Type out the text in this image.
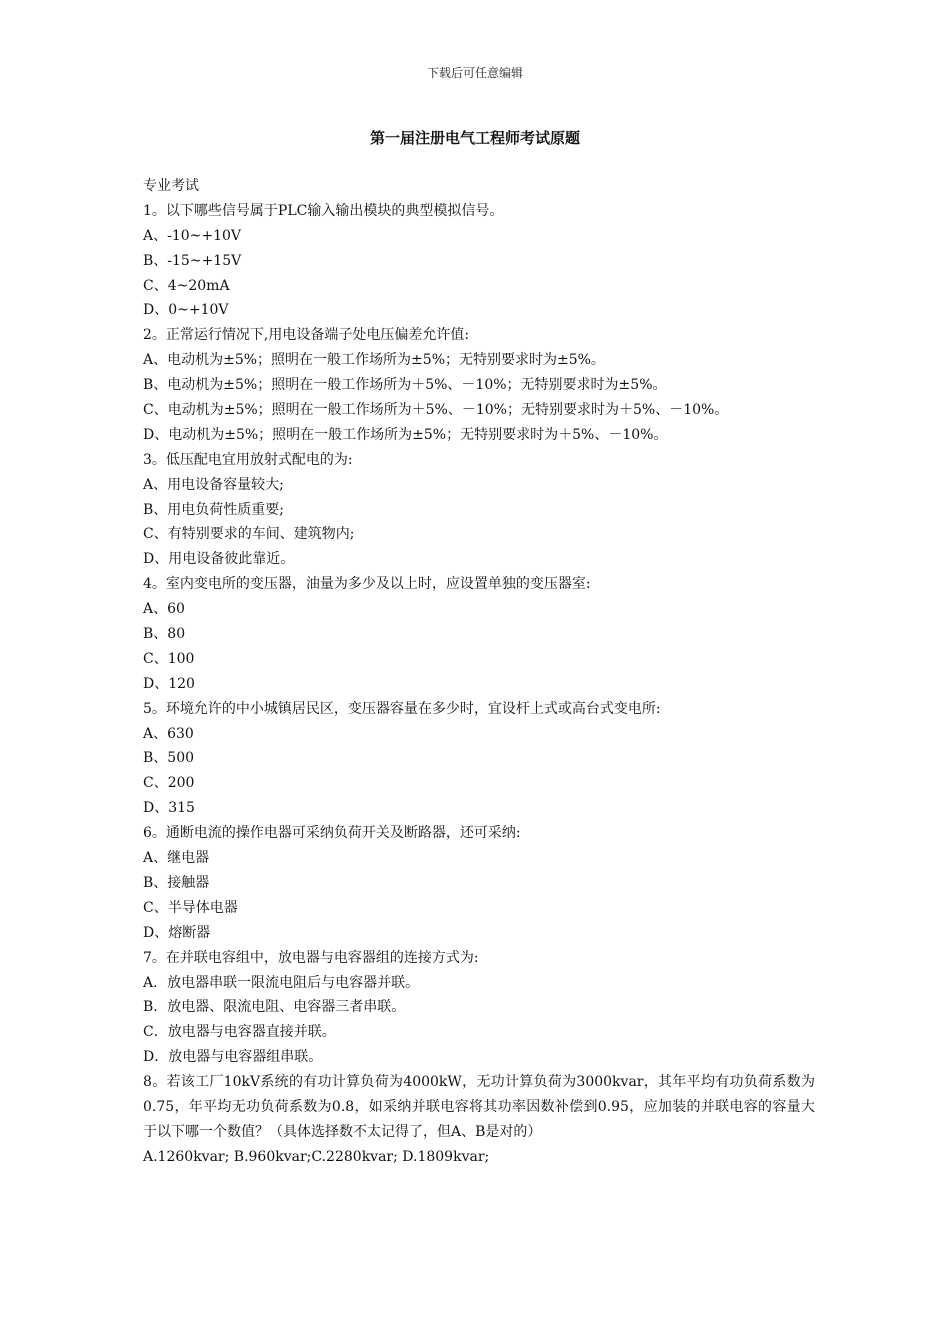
下载后可任意编辑
第一届注册电气工程师考试原题
专业考试
1。以下哪些信号属于PLC输入输出模块的典型模拟信号。
A、-10~+10V
B、-15~+15V
C、4~20mA
D、0~+10V
2。正常运行情况下,用电设备端子处电压偏差允许值:
A、电动机为±5%；照明在一般工作场所为±5%；无特别要求时为±5%。
B、电动机为±5%；照明在一般工作场所为＋5%、－10%；无特别要求时为±5%。
C、电动机为±5%；照明在一般工作场所为＋5%、－10%；无特别要求时为＋5%、－10%。
D、电动机为±5%；照明在一般工作场所为±5%；无特别要求时为＋5%、－10%。
3。低压配电宜用放射式配电的为:
A、用电设备容量较大;
B、用电负荷性质重要;
C、有特别要求的车间、建筑物内;
D、用电设备彼此靠近。
4。室内变电所的变压器，油量为多少及以上时，应设置单独的变压器室:
A、60
B、80
C、100
D、120
5。环境允许的中小城镇居民区，变压器容量在多少时，宜设杆上式或高台式变电所:
A、630
B、500
C、200
D、315
6。通断电流的操作电器可采纳负荷开关及断路器，还可采纳:
A、继电器
B、接触器
C、半导体电器
D、熔断器
7。在并联电容组中，放电器与电容器组的连接方式为:
A．放电器串联一限流电阻后与电容器并联。
B．放电器、限流电阻、电容器三者串联。
C．放电器与电容器直接并联。
D．放电器与电容器组串联。
8。若该工厂10kV系统的有功计算负荷为4000kW，无功计算负荷为3000kvar，其年平均有功负荷系数为0.75，年平均无功负荷系数为0.8，如采纳并联电容将其功率因数补偿到0.95，应加装的并联电容的容量大于以下哪一个数值？（具体选择数不太记得了，但A、B是对的）
A.1260kvar; B.960kvar;C.2280kvar; D.1809kvar;
